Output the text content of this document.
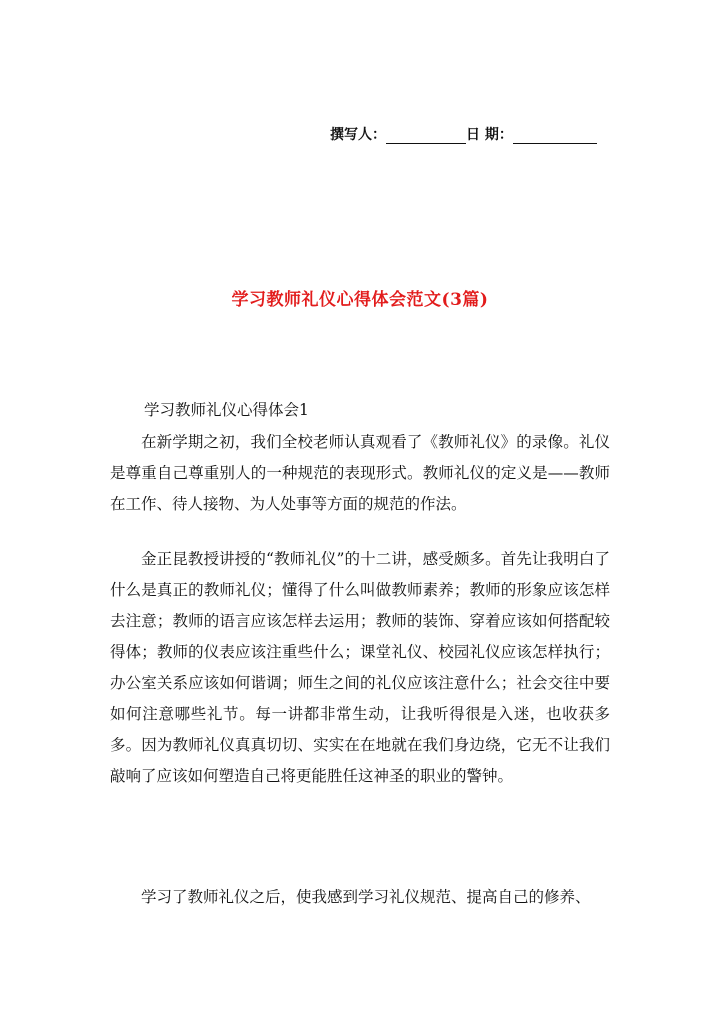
撰写人：	日 期：
学习教师礼仪心得体会范文(3篇)
学习教师礼仪心得体会1

在新学期之初，我们全校老师认真观看了《教师礼仪》的录像。礼仪是尊重自己尊重别人的一种规范的表现形式。教师礼仪的定义是——教师在工作、待人接物、为人处事等方面的规范的作法。

金正昆教授讲授的“教师礼仪”的十二讲，感受颇多。首先让我明白了什么是真正的教师礼仪；懂得了什么叫做教师素养；教师的形象应该怎样去注意；教师的语言应该怎样去运用；教师的装饰、穿着应该如何搭配较得体；教师的仪表应该注重些什么；课堂礼仪、校园礼仪应该怎样执行；办公室关系应该如何谐调；师生之间的礼仪应该注意什么；社会交往中要如何注意哪些礼节。每一讲都非常生动，让我听得很是入迷，也收获多多。因为教师礼仪真真切切、实实在在地就在我们身边绕，它无不让我们敲响了应该如何塑造自己将更能胜任这神圣的职业的警钟。

学习了教师礼仪之后，使我感到学习礼仪规范、提高自己的修养、
